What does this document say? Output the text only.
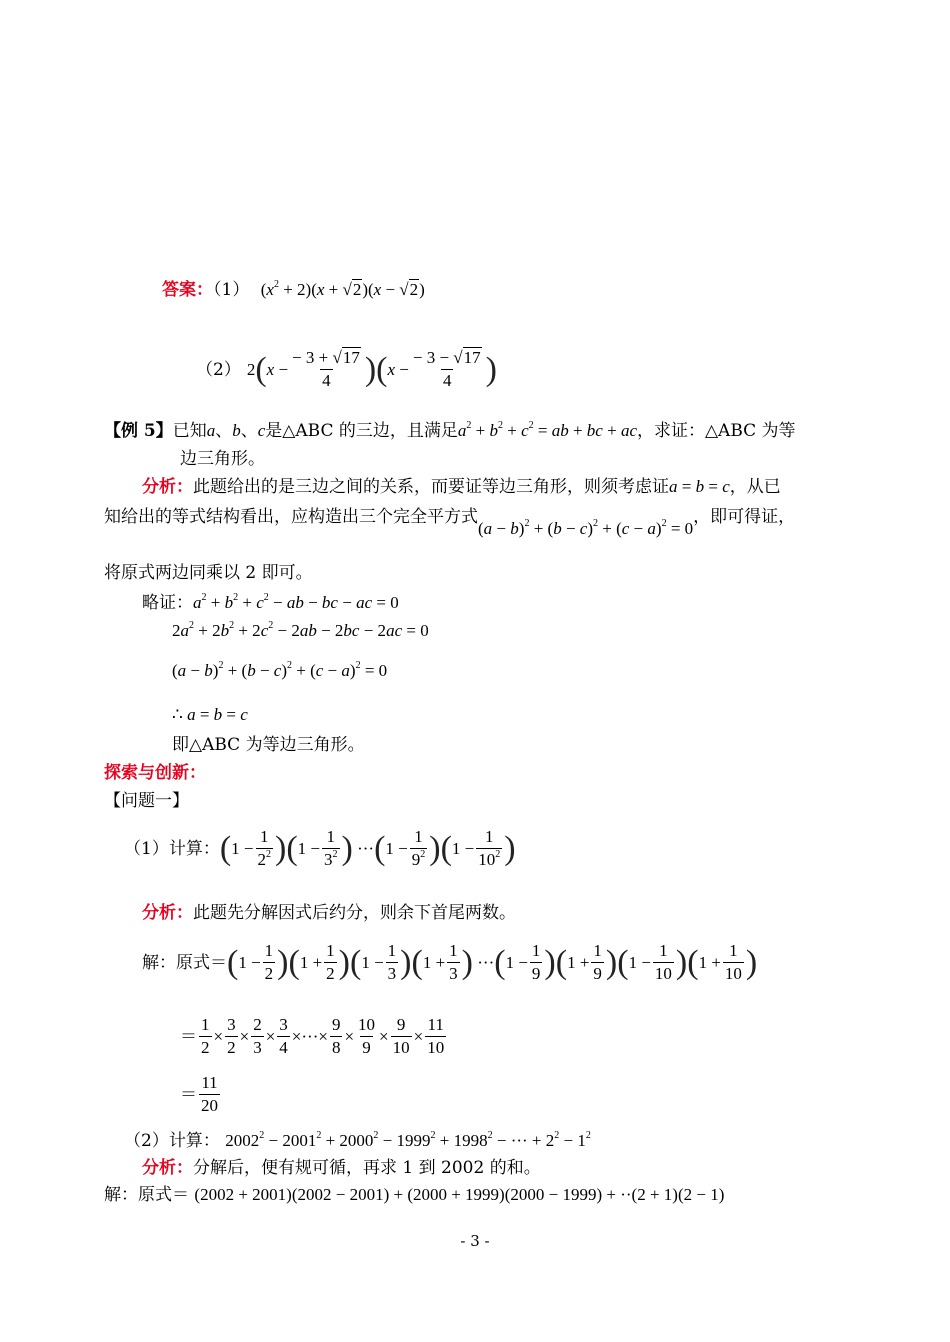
答案：（1） $(x^2 + 2)(x + √2)(x - √2)$
（2） 2 ( $x - \frac{- 3 + √17}{4}$ ) ( $x - \frac{- 3 - √17}{4}$ )
【例 5】已知a、b、c是△ABC 的三边，且满足$a^2 + b^2 + c^2$ = ab + bc + ac，求证：△ABC 为等
边三角形。
分析：此题给出的是三边之间的关系，而要证等边三角形，则须考虑证a = b = c，从已
知给出的等式结构看出，应构造出三个完全平方式$(a - b)^2 + (b - c)^2 + (c - a)^2 = 0$，即可得证，
将原式两边同乘以 2 即可。
略证：$a^2 + b^2 + c^2$ − ab − bc − ac = 0
$2a^2 + 2b^2 + 2c^2 - 2ab - 2bc - 2ac = 0$
$(a - b)^2 + (b - c)^2 + (c - a)^2 = 0$
∴ a = b = c
即△ABC 为等边三角形。
探索与创新：
【问题一】
（1）计算： ( $1 - \frac{1}{2^2}$ ) ( $1 - \frac{1}{3^2}$ ) ··· ( $1 - \frac{1}{9^2}$ ) ( $1 - \frac{1}{10^2}$ )
分析：此题先分解因式后约分，则余下首尾两数。
解：原式＝ ( $1 - \frac{1}{2}$ ) ( $1 + \frac{1}{2}$ ) ( $1 - \frac{1}{3}$ ) ( $1 + \frac{1}{3}$ ) ··· ( $1 - \frac{1}{9}$ ) ( $1 + \frac{1}{9}$ ) ( $1 - \frac{1}{10}$ ) ( $1 + \frac{1}{10}$ )
＝ $\frac{1}{2} \times \frac{3}{2} \times \frac{2}{3} \times \frac{3}{4}$ ×···× $\frac{9}{8} \times \frac{10}{9} \times \frac{9}{10} \times \frac{11}{10}$
＝ $\frac{11}{20}$
（2）计算： $2002^2 - 2001^2 + 2000^2 - 1999^2 + 1998^2$ − ··· + $2^2 - 1^2$
分析：分解后，便有规可循，再求 1 到 2002 的和。
解：原式＝ (2002 + 2001)(2002 − 2001) + (2000 + 1999)(2000 − 1999) + ··(2 + 1)(2 − 1)
- 3 -
